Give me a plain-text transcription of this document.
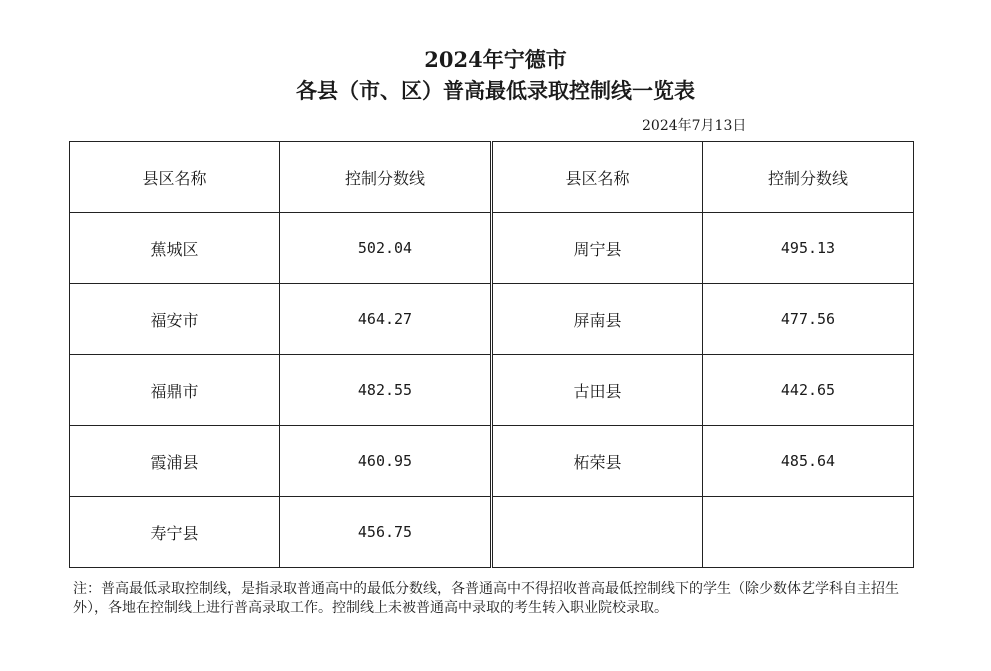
2024年宁德市
各县（市、区）普高最低录取控制线一览表
2024年7月13日
县区名称	控制分数线
蕉城区	502.04
福安市	464.27
福鼎市	482.55
霞浦县	460.95
寿宁县	456.75
县区名称	控制分数线
周宁县	495.13
屏南县	477.56
古田县	442.65
柘荣县	485.64

注：普高最低录取控制线，是指录取普通高中的最低分数线，各普通高中不得招收普高最低控制线下的学生（除少数体艺学科自主招生外），各地在控制线上进行普高录取工作。控制线上未被普通高中录取的考生转入职业院校录取。
